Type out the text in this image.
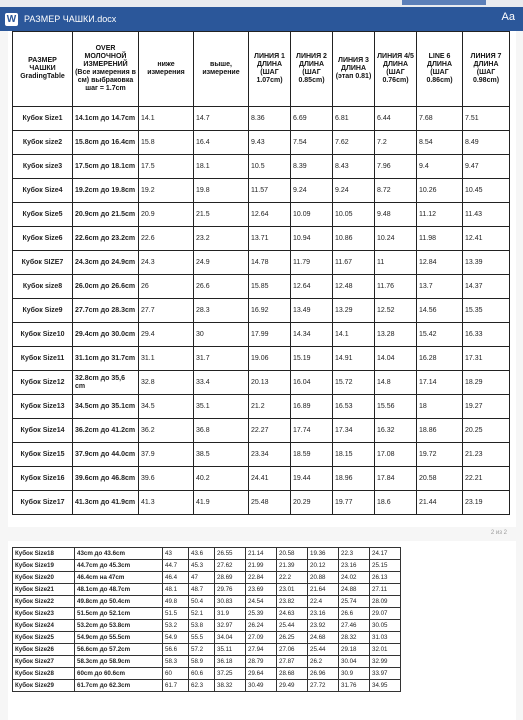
W РАЗМЕР ЧАШКИ.docx	Aa
2 из 2
РАЗМЕР ЧАШКИ GradingTable	OVER МОЛОЧНОЙ ИЗМЕРЕНИЙ (Все измерения в см) выбраковка шаг = 1.7cm	ниже измерения	выше, измерение	ЛИНИЯ 1 ДЛИНА (ШАГ 1.07cm)	ЛИНИЯ 2 ДЛИНА (ШАГ 0.85cm)	ЛИНИЯ 3 ДЛИНА (этап 0.81)	ЛИНИЯ 4/5 ДЛИНА (ШАГ 0.76cm)	LINE 6 ДЛИНА (ШАГ 0.86cm)	ЛИНИЯ 7 ДЛИНА (ШАГ 0.98cm)
Кубок Size1	14.1cm до 14.7cm	14.1	14.7	8.36	6.69	6.81	6.44	7.68	7.51
Кубок size2	15.8cm до 16.4cm	15.8	16.4	9.43	7.54	7.62	7.2	8.54	8.49
Кубок size3	17.5cm до 18.1cm	17.5	18.1	10.5	8.39	8.43	7.96	9.4	9.47
Кубок Size4	19.2cm до 19.8cm	19.2	19.8	11.57	9.24	9.24	8.72	10.26	10.45
Кубок Size5	20.9cm до 21.5cm	20.9	21.5	12.64	10.09	10.05	9.48	11.12	11.43
Кубок Size6	22.6cm до 23.2cm	22.6	23.2	13.71	10.94	10.86	10.24	11.98	12.41
Кубок SIZE7	24.3cm до 24.9cm	24.3	24.9	14.78	11.79	11.67	11	12.84	13.39
Кубок size8	26.0cm до 26.6cm	26	26.6	15.85	12.64	12.48	11.76	13.7	14.37
Кубок Size9	27.7cm до 28.3cm	27.7	28.3	16.92	13.49	13.29	12.52	14.56	15.35
Кубок Size10	29.4cm до 30.0cm	29.4	30	17.99	14.34	14.1	13.28	15.42	16.33
Кубок Size11	31.1cm до 31.7cm	31.1	31.7	19.06	15.19	14.91	14.04	16.28	17.31
Кубок Size12	32.8cm до 35,6 cm	32.8	33.4	20.13	16.04	15.72	14.8	17.14	18.29
Кубок Size13	34.5cm до 35.1cm	34.5	35.1	21.2	16.89	16.53	15.56	18	19.27
Кубок Size14	36.2cm до 41.2cm	36.2	36.8	22.27	17.74	17.34	16.32	18.86	20.25
Кубок Size15	37.9cm до 44.0cm	37.9	38.5	23.34	18.59	18.15	17.08	19.72	21.23
Кубок Size16	39.6cm до 46.8cm	39.6	40.2	24.41	19.44	18.96	17.84	20.58	22.21
Кубок Size17	41.3cm до 41.9cm	41.3	41.9	25.48	20.29	19.77	18.6	21.44	23.19
Кубок Size18	43cm до 43.6cm	43	43.6	26.55	21.14	20.58	19.36	22.3	24.17
Кубок Size19	44.7cm до 45.3cm	44.7	45.3	27.62	21.99	21.39	20.12	23.16	25.15
Кубок Size20	46.4cm на 47cm	46.4	47	28.69	22.84	22.2	20.88	24.02	26.13
Кубок Size21	48.1cm до 48.7cm	48.1	48.7	29.76	23.69	23.01	21.64	24.88	27.11
Кубок Size22	49.8cm до 50.4cm	49.8	50.4	30.83	24.54	23.82	22.4	25.74	28.09
Кубок Size23	51.5cm до 52.1cm	51.5	52.1	31.9	25.39	24.63	23.16	26.6	29.07
Кубок Size24	53.2cm до 53.8cm	53.2	53.8	32.97	26.24	25.44	23.92	27.46	30.05
Кубок Size25	54.9cm до 55.5cm	54.9	55.5	34.04	27.09	26.25	24.68	28.32	31.03
Кубок Size26	56.6cm до 57.2cm	56.6	57.2	35.11	27.94	27.06	25.44	29.18	32.01
Кубок Size27	58.3cm до 58.9cm	58.3	58.9	36.18	28.79	27.87	26.2	30.04	32.99
Кубок Size28	60cm до 60.6cm	60	60.6	37.25	29.64	28.68	26.96	30.9	33.97
Кубок Size29	61.7cm до 62.3cm	61.7	62.3	38.32	30.49	29.49	27.72	31.76	34.95
